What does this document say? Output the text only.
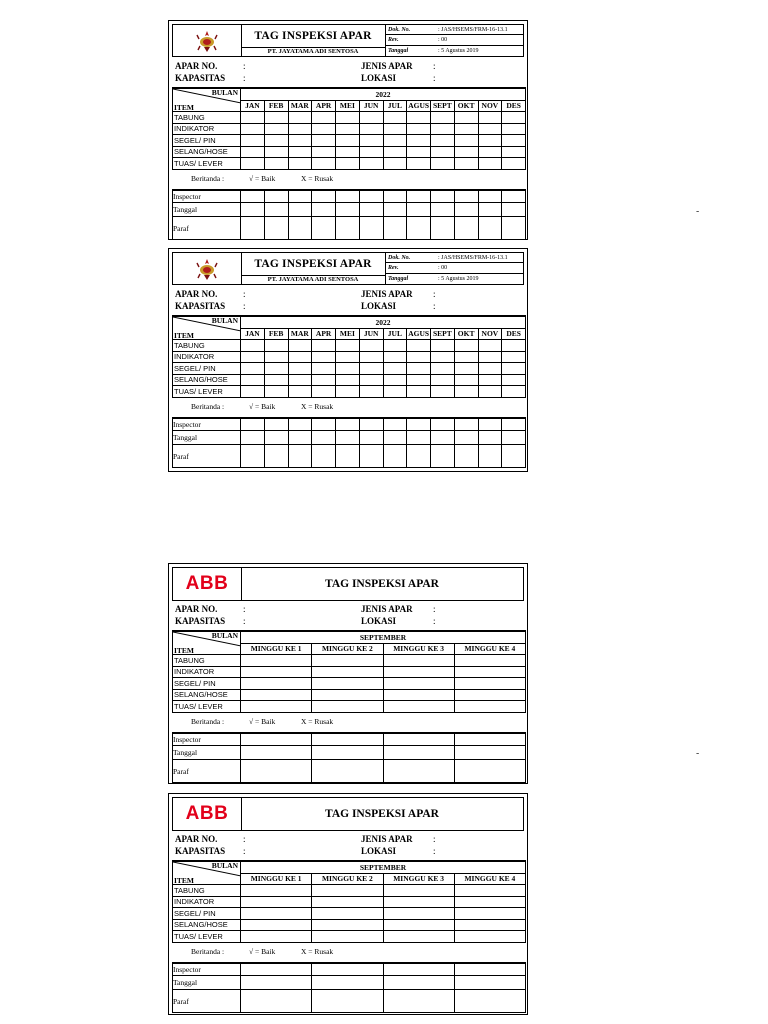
TAG INSPEKSI APAR
PT. JAYATAMA ADI SENTOSA
Dok. No.	: JAS/HSEMS/FRM-16-13.1
Rev.	: 00
Tanggal	: 5 Agustus 2019
APAR NO.	:	JENIS APAR :
KAPASITAS :	LOKASI	:
BULAN
ITEM	2022											
	JAN	FEB	MAR	APR	MEI	JUN	JUL	AGUS	SEPT	OKT	NOV	DES
TABUNG												
INDIKATOR												
SEGEL/ PIN												
SELANG/HOSE												
TUAS/ LEVER												
Beritanda :	√ = Baik	X = Rusak
Inspector												
Tanggal												
Paraf												
TAG INSPEKSI APAR
PT. JAYATAMA ADI SENTOSA
Dok. No.	: JAS/HSEMS/FRM-16-13.1
Rev.	: 00
Tanggal	: 5 Agustus 2019
APAR NO.	:	JENIS APAR :
KAPASITAS :	LOKASI	:
BULAN
ITEM	2022											
	JAN	FEB	MAR	APR	MEI	JUN	JUL	AGUS	SEPT	OKT	NOV	DES
TABUNG												
INDIKATOR												
SEGEL/ PIN												
SELANG/HOSE												
TUAS/ LEVER												
Beritanda :	√ = Baik	X = Rusak
Inspector												
Tanggal												
Paraf												
ABB	TAG INSPEKSI APAR
APAR NO.	:	JENIS APAR :
KAPASITAS :	LOKASI	:
BULAN
ITEM	SEPTEMBER			
	MINGGU KE 1	MINGGU KE 2	MINGGU KE 3	MINGGU KE 4
TABUNG				
INDIKATOR				
SEGEL/ PIN				
SELANG/HOSE				
TUAS/ LEVER				
Beritanda :	√ = Baik	X = Rusak
Inspector				
Tanggal				
Paraf				
ABB	TAG INSPEKSI APAR
APAR NO.	:	JENIS APAR :
KAPASITAS :	LOKASI	:
BULAN
ITEM	SEPTEMBER			
	MINGGU KE 1	MINGGU KE 2	MINGGU KE 3	MINGGU KE 4
TABUNG				
INDIKATOR				
SEGEL/ PIN				
SELANG/HOSE				
TUAS/ LEVER				
Beritanda :	√ = Baik	X = Rusak
Inspector				
Tanggal				
Paraf				
...
...
